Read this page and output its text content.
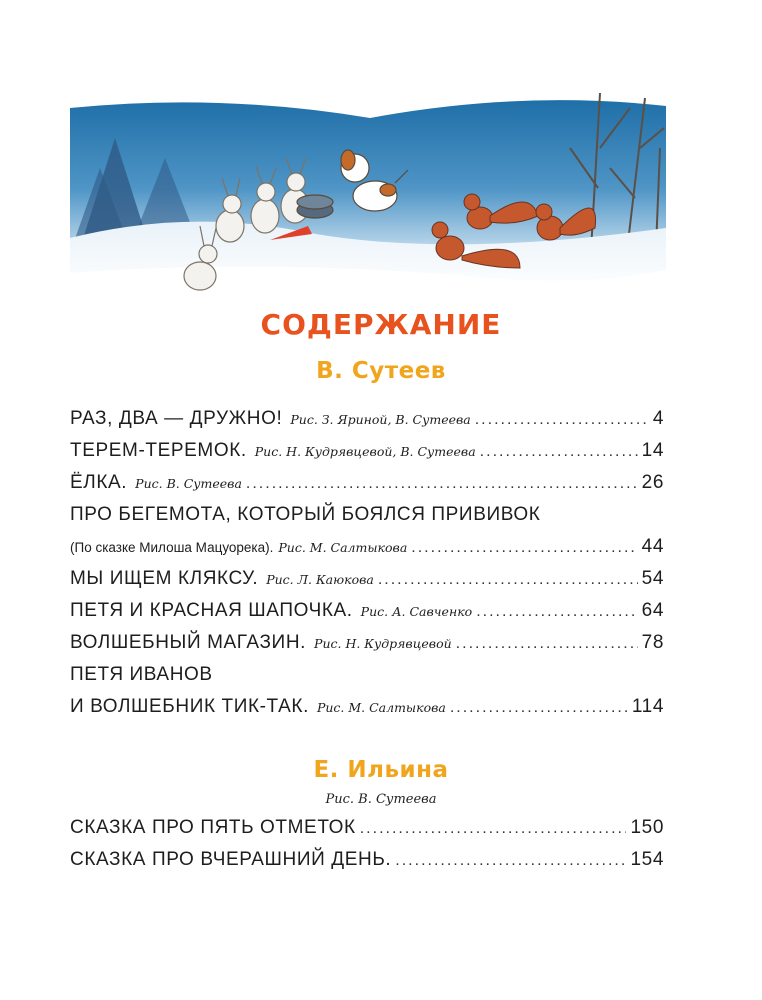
СОДЕРЖАНИЕ
В. Сутеев
РАЗ, ДВА — ДРУЖНО! Рис. З. Яриной, В. Сутеева .....	4
ТЕРЕМ-ТЕРЕМОК. Рис. Н. Кудрявцевой, В. Сутеева .....	14
ЁЛКА. Рис. В. Сутеева .....	26
ПРО БЕГЕМОТА, КОТОРЫЙ БОЯЛСЯ ПРИВИВОК
(По сказке Милоша Мацуорека). Рис. М. Салтыкова .....	44
МЫ ИЩЕМ КЛЯКСУ. Рис. Л. Каюкова .....	54
ПЕТЯ И КРАСНАЯ ШАПОЧКА. Рис. А. Савченко .....	64
ВОЛШЕБНЫЙ МАГАЗИН. Рис. Н. Кудрявцевой .....	78
ПЕТЯ ИВАНОВ
И ВОЛШЕБНИК ТИК-ТАК. Рис. М. Салтыкова .....	114
Е. Ильина
Рис. В. Сутеева
СКАЗКА ПРО ПЯТЬ ОТМЕТОК .....	150
СКАЗКА ПРО ВЧЕРАШНИЙ ДЕНЬ. .....	154
